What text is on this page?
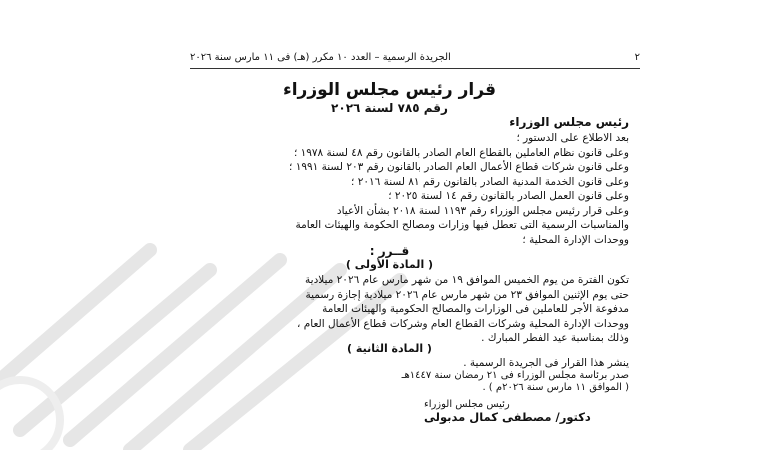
٢
الجريدة الرسمية – العدد ١٠ مكرر (هـ) فى ١١ مارس سنة ٢٠٢٦
قرار رئيس مجلس الوزراء
رقم ٧٨٥ لسنة ٢٠٢٦
رئيس مجلس الوزراء
بعد الاطلاع على الدستور ؛
وعلى قانون نظام العاملين بالقطاع العام الصادر بالقانون رقم ٤٨ لسنة ١٩٧٨ ؛
وعلى قانون شركات قطاع الأعمال العام الصادر بالقانون رقم ٢٠٣ لسنة ١٩٩١ ؛
وعلى قانون الخدمة المدنية الصادر بالقانون رقم ٨١ لسنة ٢٠١٦ ؛
وعلى قانون العمل الصادر بالقانون رقم ١٤ لسنة ٢٠٢٥ ؛
وعلى قرار رئيس مجلس الوزراء رقم ١١٩٣ لسنة ٢٠١٨ بشأن الأعياد
والمناسبات الرسمية التى تعطل فيها وزارات ومصالح الحكومة والهيئات العامة
ووحدات الإدارة المحلية ؛
قــرر :
( المادة الأولى )
تكون الفترة من يوم الخميس الموافق ١٩ من شهر مارس عام ٢٠٢٦ ميلادية
حتى يوم الإثنين الموافق ٢٣ من شهر مارس عام ٢٠٢٦ ميلادية إجازة رسمية
مدفوعة الأجر للعاملين فى الوزارات والمصالح الحكومية والهيئات العامة
ووحدات الإدارة المحلية وشركات القطاع العام وشركات قطاع الأعمال العام ،
وذلك بمناسبة عيد الفطر المبارك .
( المادة الثانية )
ينشر هذا القرار فى الجريدة الرسمية .
صدر برئاسة مجلس الوزراء فى ٢١ رمضان سنة ١٤٤٧هـ
( الموافق ١١ مارس سنة ٢٠٢٦م ) .
رئيس مجلس الوزراء
دكتور/ مصطفى كمال مدبولى
